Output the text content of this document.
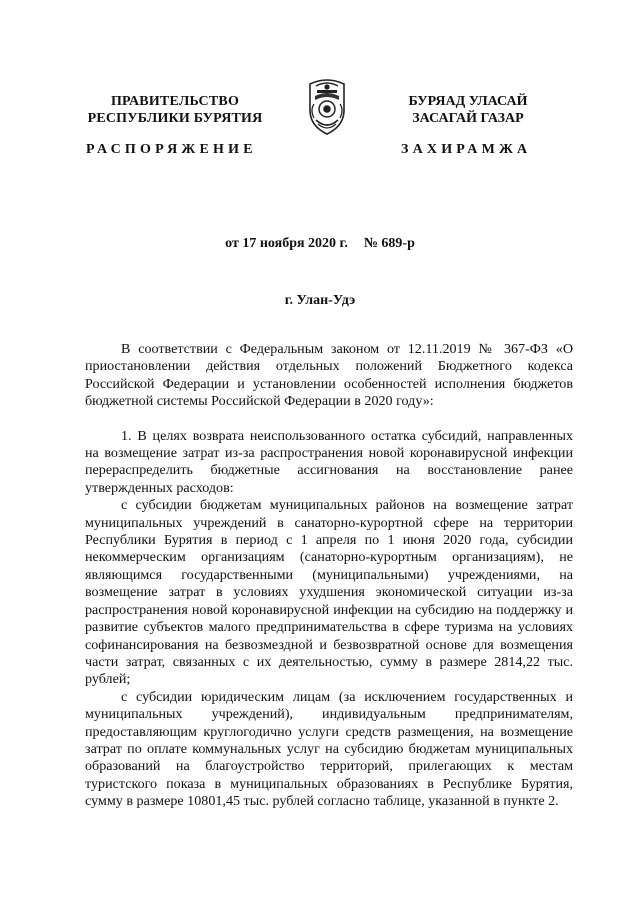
ПРАВИТЕЛЬСТВО
РЕСПУБЛИКИ БУРЯТИЯ
БУРЯАД УЛАСАЙ
ЗАСАГАЙ ГАЗАР
РАСПОРЯЖЕНИЕ	ЗАХИРАМЖА
от 17 ноября 2020 г. № 689-р
г. Улан-Удэ

В соответствии с Федеральным законом от 12.11.2019 № 367-ФЗ «О приостановлении действия отдельных положений Бюджетного кодекса Российской Федерации и установлении особенностей исполнения бюджетов бюджетной системы Российской Федерации в 2020 году»:

1. В целях возврата неиспользованного остатка субсидий, направленных на возмещение затрат из-за распространения новой коронавирусной инфекции перераспределить бюджетные ассигнования на восстановление ранее утвержденных расходов:

с субсидии бюджетам муниципальных районов на возмещение затрат муниципальных учреждений в санаторно-курортной сфере на территории Республики Бурятия в период с 1 апреля по 1 июня 2020 года, субсидии некоммерческим организациям (санаторно-курортным организациям), не являющимся государственными (муниципальными) учреждениями, на возмещение затрат в условиях ухудшения экономической ситуации из-за распространения новой коронавирусной инфекции на субсидию на поддержку и развитие субъектов малого предпринимательства в сфере туризма на условиях софинансирования на безвозмездной и безвозвратной основе для возмещения части затрат, связанных с их деятельностью, сумму в размере 2814,22 тыс. рублей;

с субсидии юридическим лицам (за исключением государственных и муниципальных учреждений), индивидуальным предпринимателям, предоставляющим круглогодично услуги средств размещения, на возмещение затрат по оплате коммунальных услуг на субсидию бюджетам муниципальных образований на благоустройство территорий, прилегающих к местам туристского показа в муниципальных образованиях в Республике Бурятия, сумму в размере 10801,45 тыс. рублей согласно таблице, указанной в пункте 2.
